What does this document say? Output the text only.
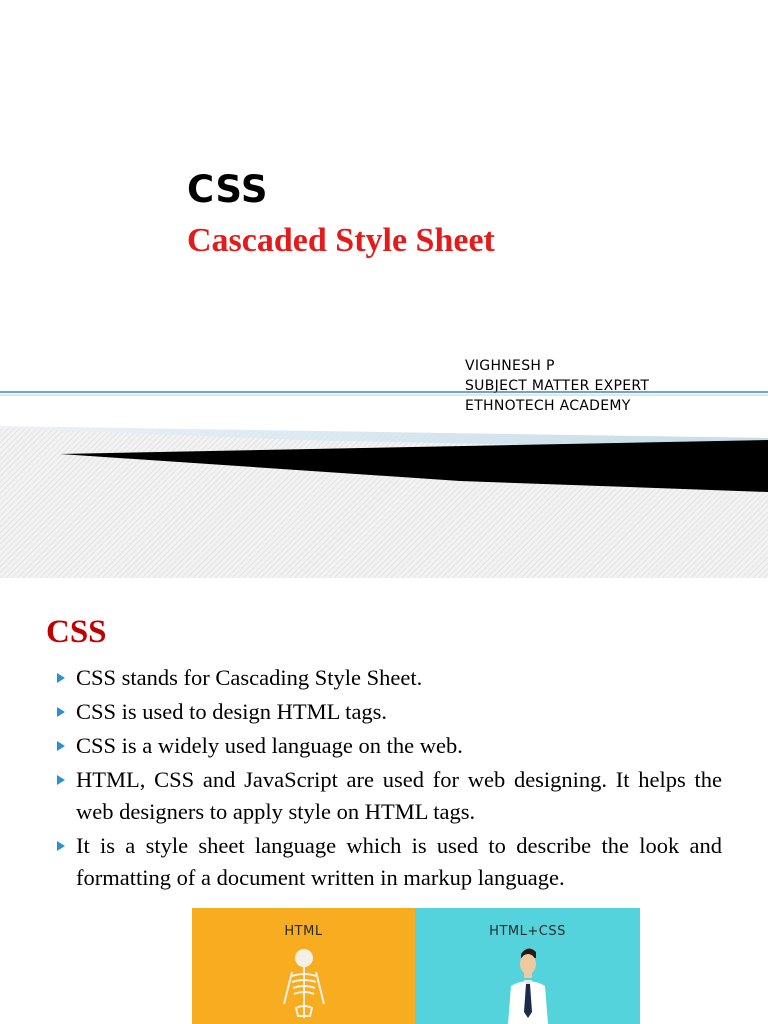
CSS
Cascaded Style Sheet
VIGHNESH P
SUBJECT MATTER EXPERT
ETHNOTECH ACADEMY
CSS
CSS stands for Cascading Style Sheet.
CSS is used to design HTML tags.
CSS is a widely used language on the web.
HTML, CSS and JavaScript are used for web designing. It helps the web designers to apply style on HTML tags.
It is a style sheet language which is used to describe the look and formatting of a document written in markup language.
HTML	HTML+CSS
